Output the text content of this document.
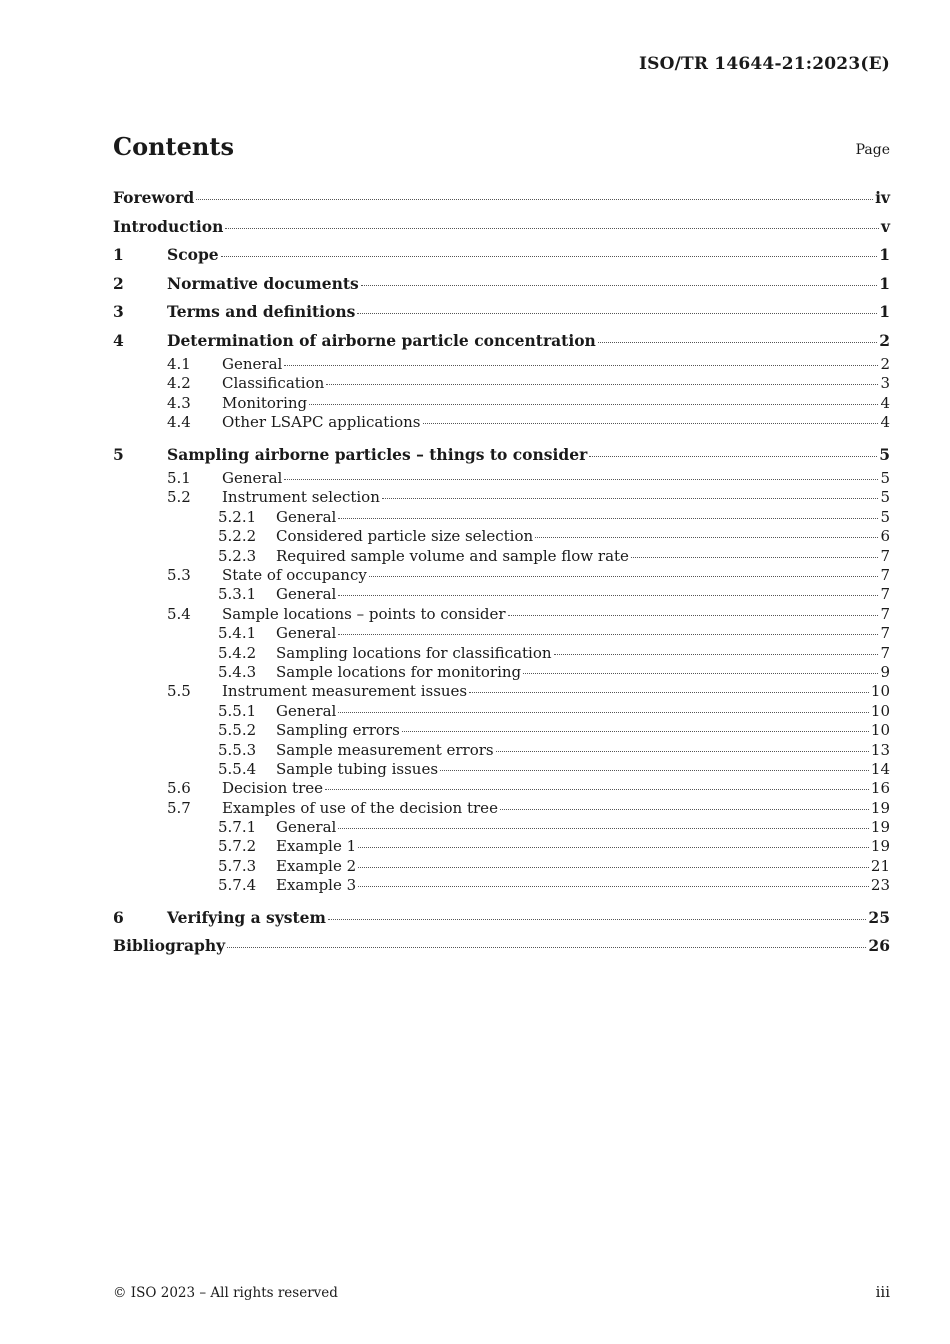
ISO/TR 14644-21:2023(E)
Contents	Page
Foreword	iv
Introduction	v
1	Scope	1
2	Normative documents	1
3	Terms and definitions	1
4	Determination of airborne particle concentration	2
4.1	General	2
4.2	Classification	3
4.3	Monitoring	4
4.4	Other LSAPC applications	4
5	Sampling airborne particles – things to consider	5
5.1	General	5
5.2	Instrument selection	5
5.2.1	General	5
5.2.2	Considered particle size selection	6
5.2.3	Required sample volume and sample flow rate	7
5.3	State of occupancy	7
5.3.1	General	7
5.4	Sample locations – points to consider	7
5.4.1	General	7
5.4.2	Sampling locations for classification	7
5.4.3	Sample locations for monitoring	9
5.5	Instrument measurement issues	10
5.5.1	General	10
5.5.2	Sampling errors	10
5.5.3	Sample measurement errors	13
5.5.4	Sample tubing issues	14
5.6	Decision tree	16
5.7	Examples of use of the decision tree	19
5.7.1	General	19
5.7.2	Example 1	19
5.7.3	Example 2	21
5.7.4	Example 3	23
6	Verifying a system	25
Bibliography	26
© ISO 2023 – All rights reserved	iii
